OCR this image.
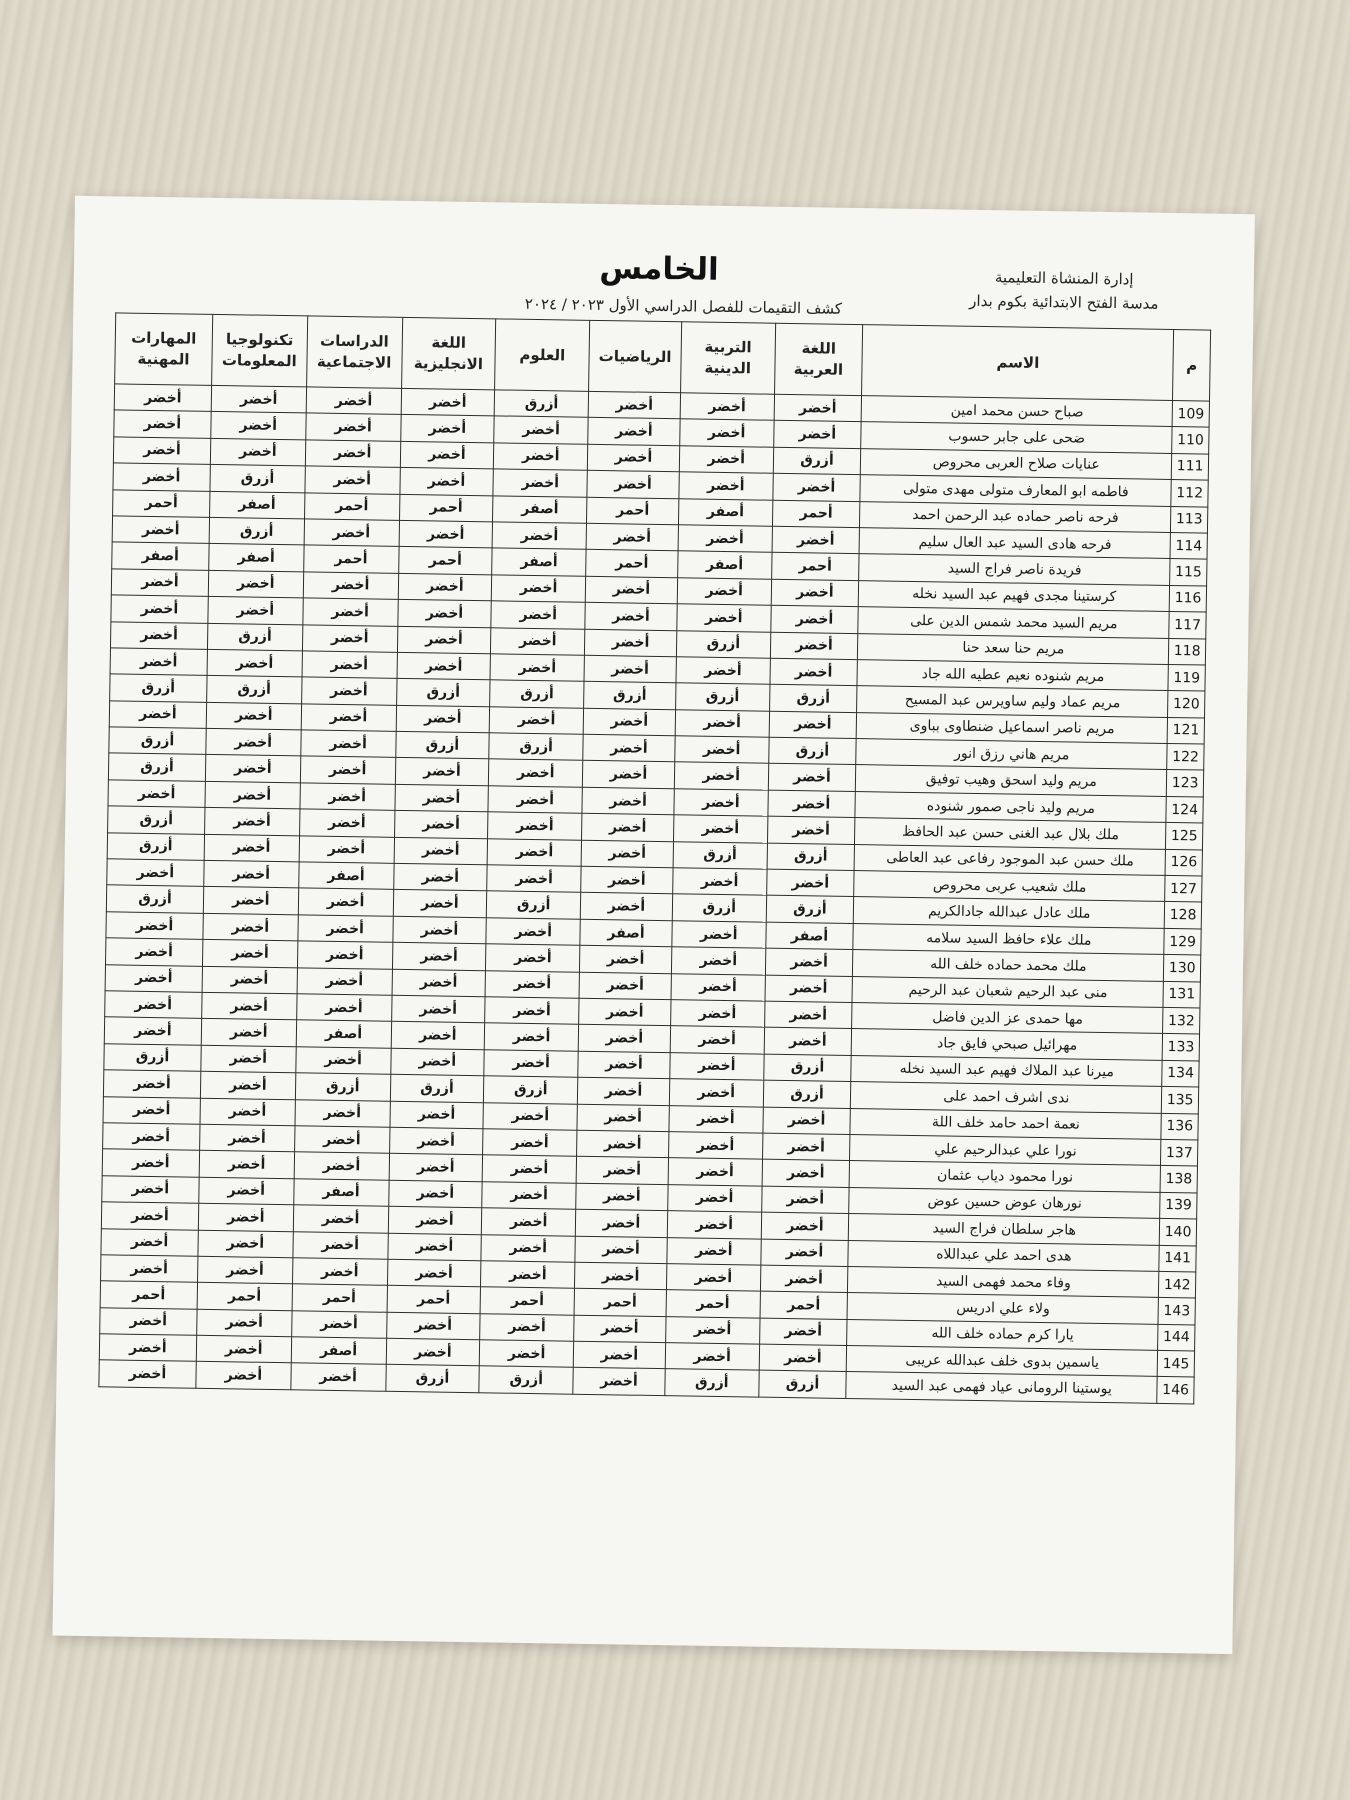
إدارة المنشاة التعليمية
مدسة الفتح الابتدائية بكوم بدار
الخامس
كشف التقيمات للفصل الدراسي الأول ٢٠٢٣ / ٢٠٢٤
م	الاسم	اللغة العربية	التربية الدينية	الرياضيات	العلوم	اللغة الانجليزية	الدراسات الاجتماعية	تكنولوجيا المعلومات	المهارات المهنية
109	صباح حسن محمد امين	أخضر	أخضر	أخضر	أزرق	أخضر	أخضر	أخضر	أخضر
110	ضحى على جابر حسوب	أخضر	أخضر	أخضر	أخضر	أخضر	أخضر	أخضر	أخضر
111	عنايات صلاح العربى محروص	أزرق	أخضر	أخضر	أخضر	أخضر	أخضر	أخضر	أخضر
112	فاطمه ابو المعارف متولى مهدى متولى	أخضر	أخضر	أخضر	أخضر	أخضر	أخضر	أزرق	أخضر
113	فرحه ناصر حماده عبد الرحمن احمد	أحمر	أصفر	أحمر	أصفر	أحمر	أحمر	أصفر	أحمر
114	فرحه هادى السيد عبد العال سليم	أخضر	أخضر	أخضر	أخضر	أخضر	أخضر	أزرق	أخضر
115	فريدة ناصر فراج السيد	أحمر	أصفر	أحمر	أصفر	أحمر	أحمر	أصفر	أصفر
116	كرستينا مجدى فهيم عبد السيد نخله	أخضر	أخضر	أخضر	أخضر	أخضر	أخضر	أخضر	أخضر
117	مريم السيد محمد شمس الدين على	أخضر	أخضر	أخضر	أخضر	أخضر	أخضر	أخضر	أخضر
118	مريم حنا سعد حنا	أخضر	أزرق	أخضر	أخضر	أخضر	أخضر	أزرق	أخضر
119	مريم شنوده نعيم عطيه الله جاد	أخضر	أخضر	أخضر	أخضر	أخضر	أخضر	أخضر	أخضر
120	مريم عماد وليم ساويرس عبد المسيح	أزرق	أزرق	أزرق	أزرق	أزرق	أخضر	أزرق	أزرق
121	مريم ناصر اسماعيل ضنطاوى بباوى	أخضر	أخضر	أخضر	أخضر	أخضر	أخضر	أخضر	أخضر
122	مريم هاني رزق انور	أزرق	أخضر	أخضر	أزرق	أزرق	أخضر	أخضر	أزرق
123	مريم وليد اسحق وهيب توفيق	أخضر	أخضر	أخضر	أخضر	أخضر	أخضر	أخضر	أزرق
124	مريم وليد ناجى صمور شنوده	أخضر	أخضر	أخضر	أخضر	أخضر	أخضر	أخضر	أخضر
125	ملك بلال عبد الغنى حسن عبد الحافظ	أخضر	أخضر	أخضر	أخضر	أخضر	أخضر	أخضر	أزرق
126	ملك حسن عبد الموجود رفاعى عبد العاطى	أزرق	أزرق	أخضر	أخضر	أخضر	أخضر	أخضر	أزرق
127	ملك شعيب عربى محروص	أخضر	أخضر	أخضر	أخضر	أخضر	أصفر	أخضر	أخضر
128	ملك عادل عبدالله جادالكريم	أزرق	أزرق	أخضر	أزرق	أخضر	أخضر	أخضر	أزرق
129	ملك علاء حافظ السيد سلامه	أصفر	أخضر	أصفر	أخضر	أخضر	أخضر	أخضر	أخضر
130	ملك محمد حماده خلف الله	أخضر	أخضر	أخضر	أخضر	أخضر	أخضر	أخضر	أخضر
131	منى عبد الرحيم شعبان عبد الرحيم	أخضر	أخضر	أخضر	أخضر	أخضر	أخضر	أخضر	أخضر
132	مها حمدى عز الدين فاضل	أخضر	أخضر	أخضر	أخضر	أخضر	أخضر	أخضر	أخضر
133	مهرائيل صبحي فايق جاد	أخضر	أخضر	أخضر	أخضر	أخضر	أصفر	أخضر	أخضر
134	ميرنا عبد الملاك فهيم عبد السيد نخله	أزرق	أخضر	أخضر	أخضر	أخضر	أخضر	أخضر	أزرق
135	ندى اشرف احمد على	أزرق	أخضر	أخضر	أزرق	أزرق	أزرق	أخضر	أخضر
136	نعمة احمد حامد خلف اللة	أخضر	أخضر	أخضر	أخضر	أخضر	أخضر	أخضر	أخضر
137	نورا علي عبدالرحيم علي	أخضر	أخضر	أخضر	أخضر	أخضر	أخضر	أخضر	أخضر
138	نورا محمود دياب عثمان	أخضر	أخضر	أخضر	أخضر	أخضر	أخضر	أخضر	أخضر
139	نورهان عوض حسين عوض	أخضر	أخضر	أخضر	أخضر	أخضر	أصفر	أخضر	أخضر
140	هاجر سلطان فراج السيد	أخضر	أخضر	أخضر	أخضر	أخضر	أخضر	أخضر	أخضر
141	هدى احمد علي عبداللاه	أخضر	أخضر	أخضر	أخضر	أخضر	أخضر	أخضر	أخضر
142	وفاء محمد فهمى السيد	أخضر	أخضر	أخضر	أخضر	أخضر	أخضر	أخضر	أخضر
143	ولاء علي ادريس	أحمر	أحمر	أحمر	أحمر	أحمر	أحمر	أحمر	أحمر
144	يارا كرم حماده خلف الله	أخضر	أخضر	أخضر	أخضر	أخضر	أخضر	أخضر	أخضر
145	ياسمين بدوى خلف عبدالله عريبى	أخضر	أخضر	أخضر	أخضر	أخضر	أصفر	أخضر	أخضر
146	يوستينا الرومانى عياد فهمى عبد السيد	أزرق	أزرق	أخضر	أزرق	أزرق	أخضر	أخضر	أخضر
